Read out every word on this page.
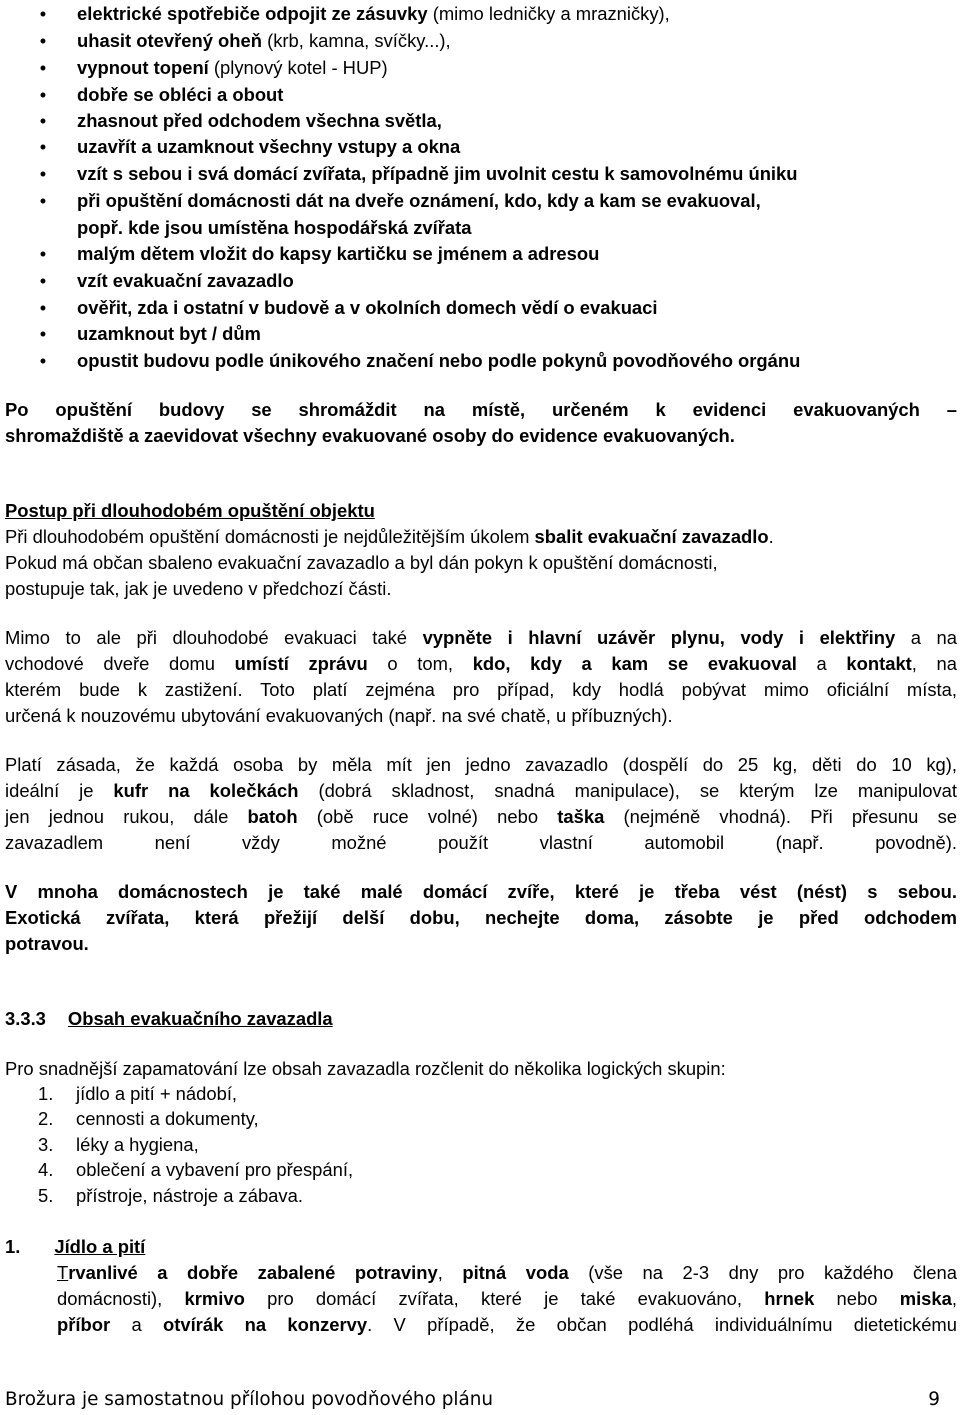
• elektrické spotřebiče odpojit ze zásuvky (mimo ledničky a mrazničky),
• uhasit otevřený oheň (krb, kamna, svíčky...),
• vypnout topení (plynový kotel - HUP)
• dobře se obléci a obout
• zhasnout před odchodem všechna světla,
• uzavřít a uzamknout všechny vstupy a okna
• vzít s sebou i svá domácí zvířata, případně jim uvolnit cestu k samovolnému úniku
• při opuštění domácnosti dát na dveře oznámení, kdo, kdy a kam se evakuoval,
popř. kde jsou umístěna hospodářská zvířata
• malým dětem vložit do kapsy kartičku se jménem a adresou
• vzít evakuační zavazadlo
• ověřit, zda i ostatní v budově a v okolních domech vědí o evakuaci
• uzamknout byt / dům
• opustit budovu podle únikového značení nebo podle pokynů povodňového orgánu
Po opuštění budovy se shromáždit na místě, určeném k evidenci evakuovaných –
shromaždiště a zaevidovat všechny evakuované osoby do evidence evakuovaných.
Postup při dlouhodobém opuštění objektu
Při dlouhodobém opuštění domácnosti je nejdůležitějším úkolem sbalit evakuační zavazadlo.
Pokud má občan sbaleno evakuační zavazadlo a byl dán pokyn k opuštění domácnosti,
postupuje tak, jak je uvedeno v předchozí části.
Mimo to ale při dlouhodobé evakuaci také vypněte i hlavní uzávěr plynu, vody i elektřiny a na
vchodové dveře domu umístí zprávu o tom, kdo, kdy a kam se evakuoval a kontakt, na
kterém bude k zastižení. Toto platí zejména pro případ, kdy hodlá pobývat mimo oficiální místa,
určená k nouzovému ubytování evakuovaných (např. na své chatě, u příbuzných).
Platí zásada, že každá osoba by měla mít jen jedno zavazadlo (dospělí do 25 kg, děti do 10 kg),
ideální je kufr na kolečkách (dobrá skladnost, snadná manipulace), se kterým lze manipulovat
jen jednou rukou, dále batoh (obě ruce volné) nebo taška (nejméně vhodná). Při přesunu se
zavazadlem není vždy možné použít vlastní automobil (např. povodně).
V mnoha domácnostech je také malé domácí zvíře, které je třeba vést (nést) s sebou.
Exotická zvířata, která přežijí delší dobu, nechejte doma, zásobte je před odchodem
potravou.
3.3.3 Obsah evakuačního zavazadla
Pro snadnější zapamatování lze obsah zavazadla rozčlenit do několika logických skupin:
1. jídlo a pití + nádobí,
2. cennosti a dokumenty,
3. léky a hygiena,
4. oblečení a vybavení pro přespání,
5. přístroje, nástroje a zábava.
1. Jídlo a pití
Trvanlivé a dobře zabalené potraviny, pitná voda (vše na 2-3 dny pro každého člena
domácnosti), krmivo pro domácí zvířata, které je také evakuováno, hrnek nebo miska,
příbor a otvírák na konzervy. V případě, že občan podléhá individuálnímu dietetickému
Brožura je samostatnou přílohou povodňového plánu	9
